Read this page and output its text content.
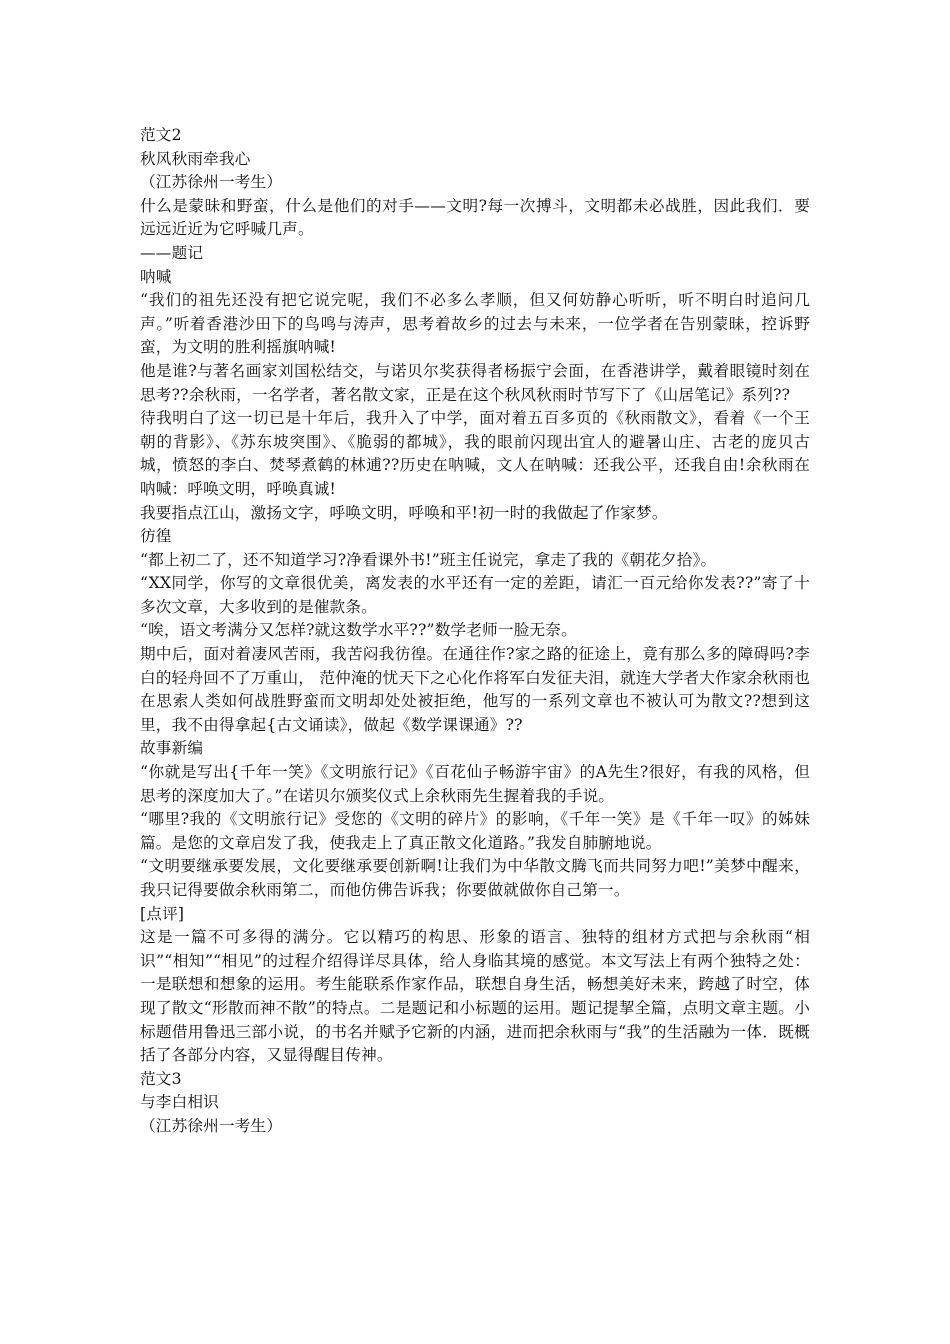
范文2

秋风秋雨牵我心

（江苏徐州一考生）

什么是蒙昧和野蛮，什么是他们的对手——文明?每一次搏斗，文明都未必战胜，因此我们．要远远近近为它呼喊几声。

——题记

呐喊

“我们的祖先还没有把它说完呢，我们不必多么孝顺，但又何妨静心听听，听不明白时追问几声。”听着香港沙田下的鸟鸣与涛声，思考着故乡的过去与未来，一位学者在告别蒙昧，控诉野蛮，为文明的胜利摇旗呐喊!

他是谁?与著名画家刘国松结交，与诺贝尔奖获得者杨振宁会面，在香港讲学，戴着眼镜时刻在思考??余秋雨，一名学者，著名散文家，正是在这个秋风秋雨时节写下了《山居笔记》系列??

待我明白了这一切已是十年后，我升入了中学，面对着五百多页的《秋雨散文》，看着《一个王朝的背影》、《苏东坡突围》、《脆弱的都城》，我的眼前闪现出宜人的避暑山庄、古老的庞贝古城，愤怒的李白、焚琴煮鹤的林逋??历史在呐喊，文人在呐喊：还我公平，还我自由!余秋雨在呐喊：呼唤文明，呼唤真诚!

我要指点江山，激扬文字，呼唤文明，呼唤和平!初一时的我做起了作家梦。

彷徨

“都上初二了，还不知道学习?净看课外书!”班主任说完，拿走了我的《朝花夕拾》。

“XX同学，你写的文章很优美，离发表的水平还有一定的差距，请汇一百元给你发表??”寄了十多次文章，大多收到的是催款条。

“唉，语文考满分又怎样?就这数学水平??”数学老师一脸无奈。

期中后，面对着凄风苦雨，我苦闷我彷徨。在通往作?家之路的征途上，竟有那么多的障碍吗?李白的轻舟回不了万重山， 范仲淹的忧天下之心化作将军白发征夫泪，就连大学者大作家余秋雨也在思索人类如何战胜野蛮而文明却处处被拒绝，他写的一系列文章也不被认可为散文??想到这里，我不由得拿起{古文诵读》，做起《数学课课通》??

故事新编

“你就是写出{千年一笑》《文明旅行记》《百花仙子畅游宇宙》的A先生?很好，有我的风格，但思考的深度加大了。”在诺贝尔颁奖仪式上余秋雨先生握着我的手说。

“哪里?我的《文明旅行记》受您的《文明的碎片》的影响，《千年一笑》是《千年一叹》的姊妹篇。是您的文章启发了我，使我走上了真正散文化道路。”我发自肺腑地说。

“文明要继承要发展，文化要继承要创新啊!让我们为中华散文腾飞而共同努力吧!”美梦中醒来，我只记得要做余秋雨第二，而他仿佛告诉我；你要做就做你自己第一。

[点评]

这是一篇不可多得的满分。它以精巧的构思、形象的语言、独特的组材方式把与余秋雨“相识”“相知”“相见”的过程介绍得详尽具体，给人身临其境的感觉。本文写法上有两个独特之处：一是联想和想象的运用。考生能联系作家作品，联想自身生活，畅想美好未来，跨越了时空，体现了散文“形散而神不散”的特点。二是题记和小标题的运用。题记提挈全篇，点明文章主题。小标题借用鲁迅三部小说，的书名并赋予它新的内涵，进而把余秋雨与“我”的生活融为一体．既概括了各部分内容，又显得醒目传神。

范文3

与李白相识

（江苏徐州一考生）
